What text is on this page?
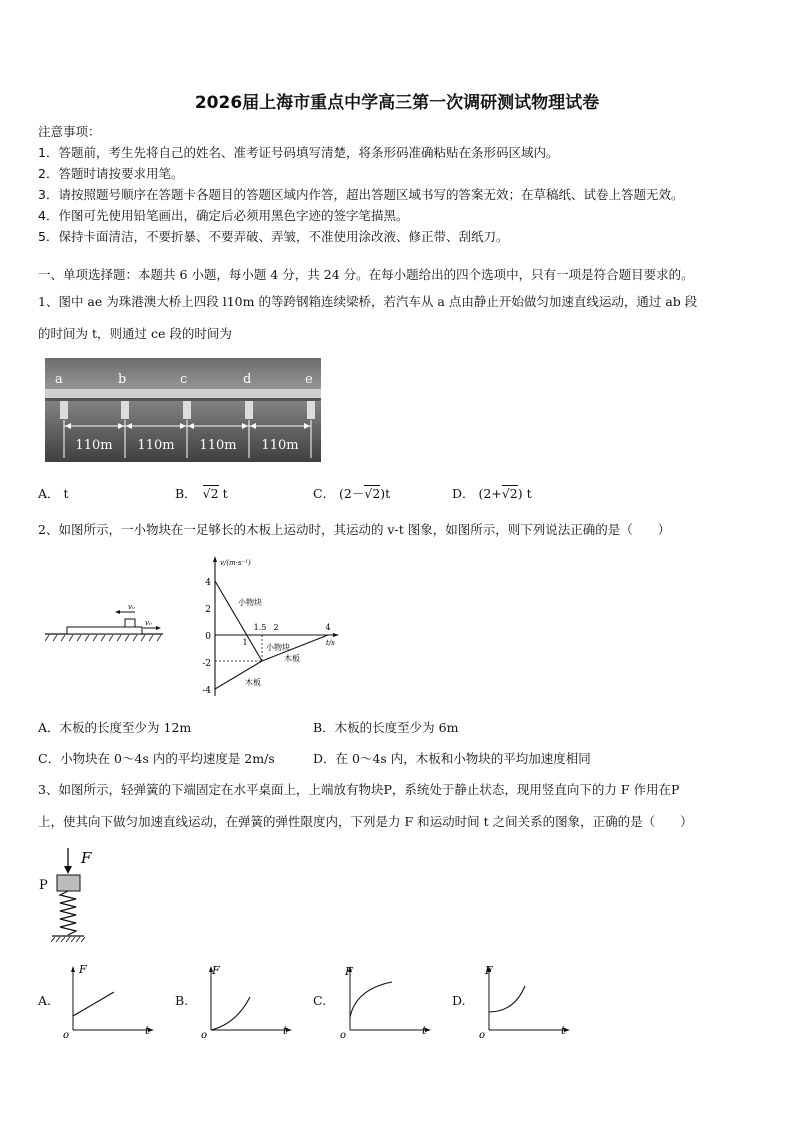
2026届上海市重点中学高三第一次调研测试物理试卷
注意事项：
1．答题前，考生先将自己的姓名、准考证号码填写清楚，将条形码准确粘贴在条形码区域内。
2．答题时请按要求用笔。
3．请按照题号顺序在答题卡各题目的答题区域内作答，超出答题区域书写的答案无效；在草稿纸、试卷上答题无效。
4．作图可先使用铅笔画出，确定后必须用黑色字迹的签字笔描黑。
5．保持卡面清洁，不要折暴、不要弄破、弄皱，不准使用涂改液、修正带、刮纸刀。
一、单项选择题：本题共 6 小题，每小题 4 分，共 24 分。在每小题给出的四个选项中，只有一项是符合题目要求的。
1、图中 ae 为珠港澳大桥上四段 l10m 的等跨钢箱连续梁桥，若汽车从 a 点由静止开始做匀加速直线运动，通过 ab 段
的时间为 t，则通过 ce 段的时间为
a	b	c	d	e
110m 110m 110m 110m
A． t	B． √2 t	C． (2－√2)t	D． (2+√2) t
2、如图所示，一小物块在一足够长的木板上运动时，其运动的 v-t 图象，如图所示，则下列说法正确的是（　　）
v₀
v₀
v/(m·s⁻¹)
t/s
4
2
0
-2
-4
1
1.5 2	4
小物块
小物块
木板
木板
A．木板的长度至少为 12m	B．木板的长度至少为 6m
C．小物块在 0～4s 内的平均速度是 2m/s	D．在 0～4s 内，木板和小物块的平均加速度相同
3、如图所示，轻弹簧的下端固定在水平桌面上，上端放有物块P，系统处于静止状态，现用竖直向下的力 F 作用在P
上，使其向下做匀加速直线运动，在弹簧的弹性限度内，下列是力 F 和运动时间 t 之间关系的图象，正确的是（　　）
F
P
A.	B.	C.	D.
F
t
o
F
t
o
F
t
o
F
t
o
